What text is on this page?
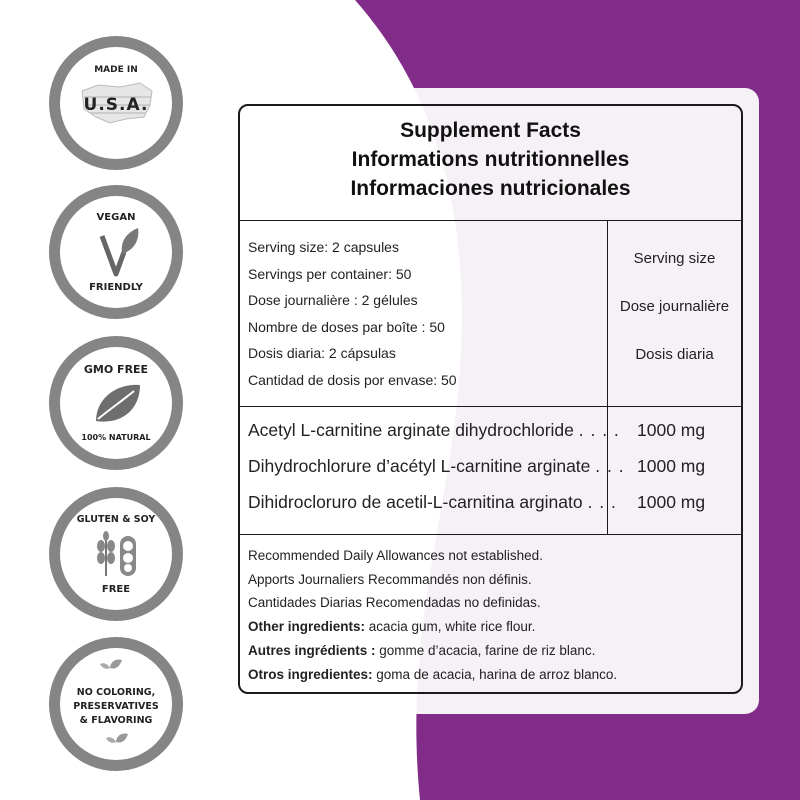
MADE IN
U.S.A.
VEGAN
FRIENDLY
GMO FREE
100% NATURAL
GLUTEN & SOY
FREE
NO COLORING,
PRESERVATIVES
& FLAVORING
Supplement Facts
Informations nutritionnelles
Informaciones nutricionales
Serving size: 2 capsules
Servings per container: 50
Dose journalière : 2 gélules
Nombre de doses par boîte : 50
Dosis diaria: 2 cápsulas
Cantidad de dosis por envase: 50
Serving size
Dose journalière
Dosis diaria
Acetyl L-carnitine arginate dihydrochloride . . . . 1000 mg
Dihydrochlorure d’acétyl L-carnitine arginate . . . 1000 mg
Dihidrocloruro de acetil-L-carnitina arginato . . . 1000 mg
Recommended Daily Allowances not established.
Apports Journaliers Recommandés non définis.
Cantidades Diarias Recomendadas no definidas.
Other ingredients: acacia gum, white rice flour.
Autres ingrédients : gomme d’acacia, farine de riz blanc.
Otros ingredientes: goma de acacia, harina de arroz blanco.
